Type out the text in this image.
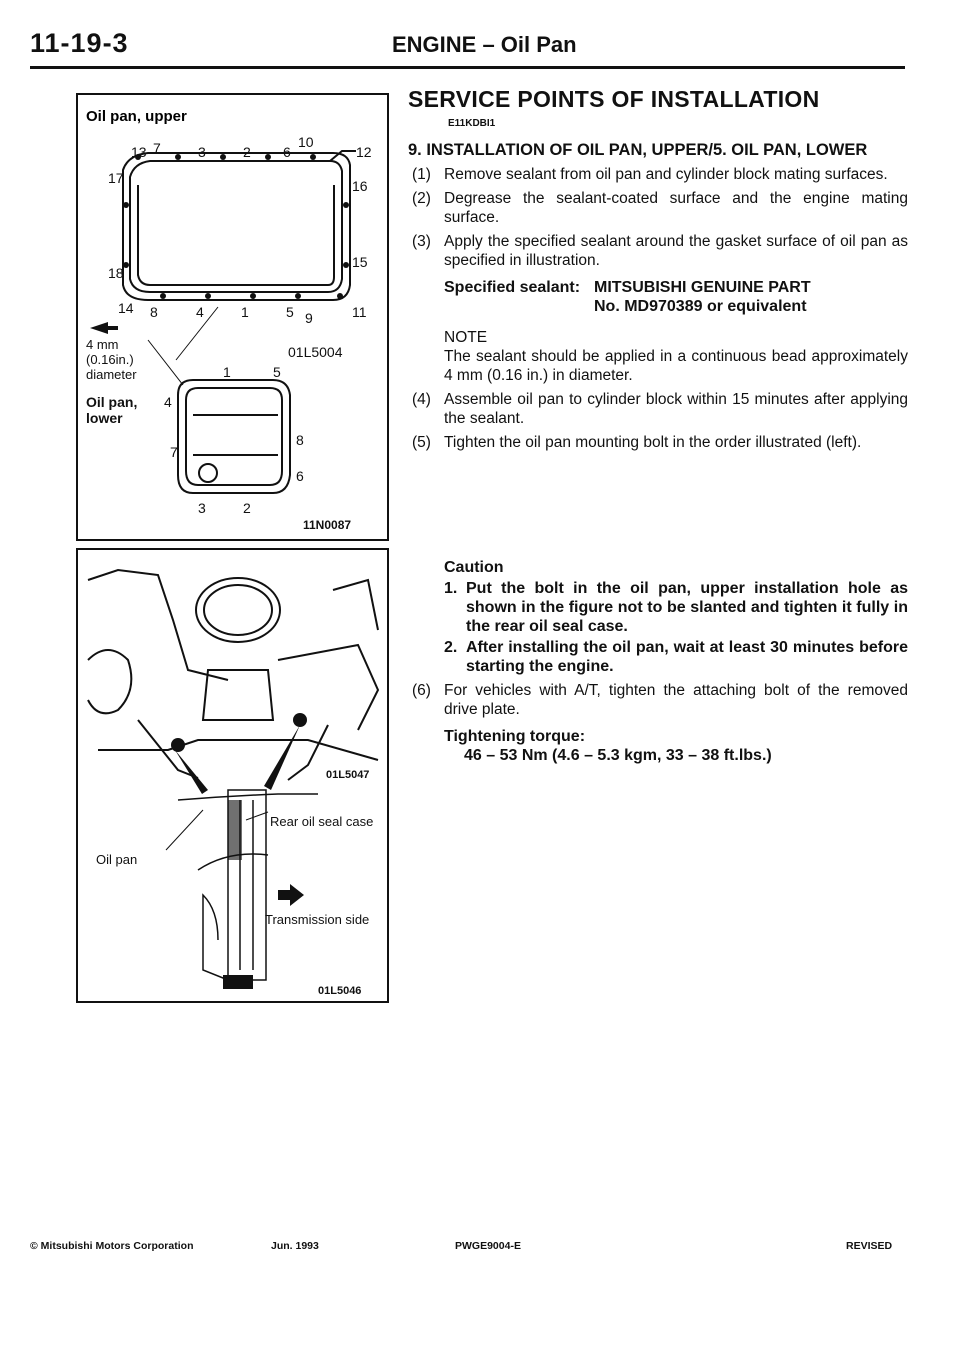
11-19-3	ENGINE – Oil Pan
Oil pan, upper
13 7	3	2 6
10
12
17	16
18
15
14 8	4	1	5 9	11
4 mm
(0.16in.)
diameter
01L5004
Oil pan,
lower
1	5
4
8
7
6
3	2
11N0087
01L5047
Rear oil seal case
Oil pan
Transmission side
01L5046
SERVICE POINTS OF INSTALLATION E11KDBI1
9. INSTALLATION OF OIL PAN, UPPER/5. OIL PAN, LOWER
(1) Remove sealant from oil pan and cylinder block mating surfaces.
(2) Degrease the sealant-coated surface and the engine mating surface.
(3) Apply the specified sealant around the gasket surface of oil pan as specified in illustration.
Specified sealant: MITSUBISHI GENUINE PART
No. MD970389 or equivalent
NOTE
The sealant should be applied in a continuous bead approximately 4 mm (0.16 in.) in diameter.
(4) Assemble oil pan to cylinder block within 15 minutes after applying the sealant.
(5) Tighten the oil pan mounting bolt in the order illustrated (left).
Caution
1. Put the bolt in the oil pan, upper installation hole as shown in the figure not to be slanted and tighten it fully in the rear oil seal case.
2. After installing the oil pan, wait at least 30 minutes before starting the engine.
(6) For vehicles with A/T, tighten the attaching bolt of the removed drive plate.
Tightening torque:
46 – 53 Nm (4.6 – 5.3 kgm, 33 – 38 ft.lbs.)
© Mitsubishi Motors Corporation	Jun. 1993	PWGE9004-E	REVISED
